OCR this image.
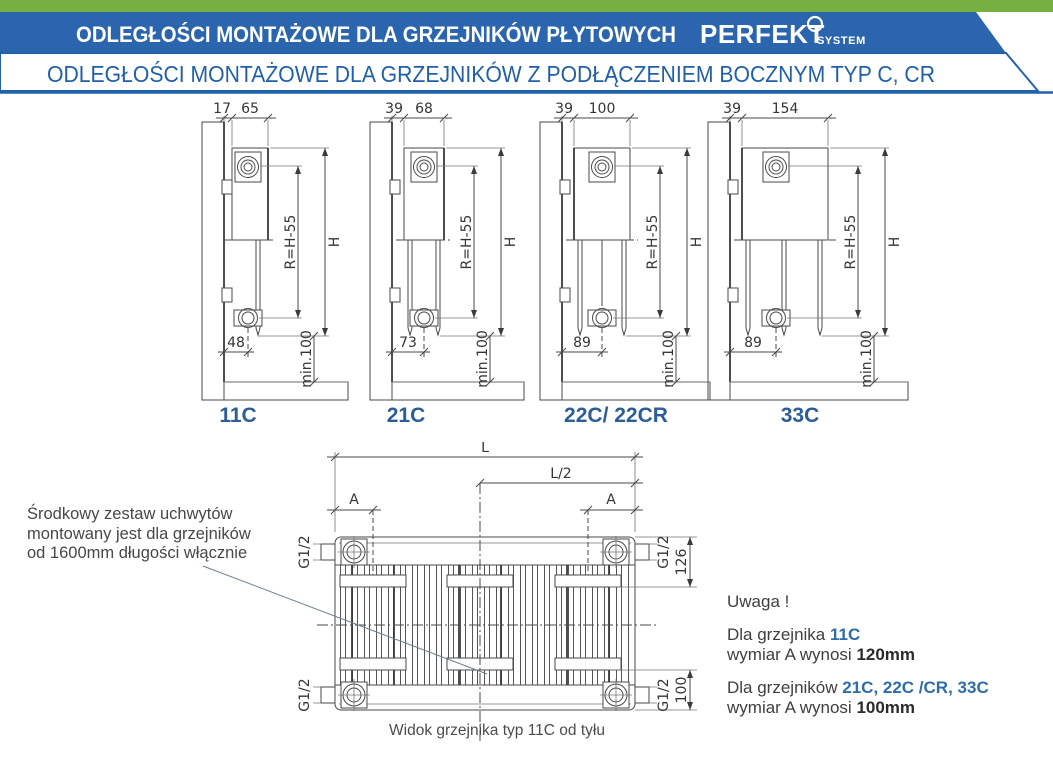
ODLEGŁOŚCI MONTAŻOWE DLA GRZEJNIKÓW PŁYTOWYCH PERFEKT
SYSTEM
ODLEGŁOŚCI MONTAŻOWE DLA GRZEJNIKÓW Z PODŁĄCZENIEM BOCZNYM TYP C, CR
17 65
R=H-55 H
min.100
48
11C
39 68
R=H-55 H
min.100
73
21C
39 100
R=H-55 H
min.100
89
22C/ 22CR
39 154
R=H-55 H
min.100
89
33C
L
L/2
A	A
126
100
G1/2	G1/2
G1/2	G1/2
Środkowy zestaw uchwytów
montowany jest dla grzejników
od 1600mm długości włącznie

Uwaga !

Dla grzejnika 11C

wymiar A wynosi 120mm

Dla grzejników 21C, 22C /CR, 33C

wymiar A wynosi 100mm

Widok grzejnika typ 11C od tyłu
